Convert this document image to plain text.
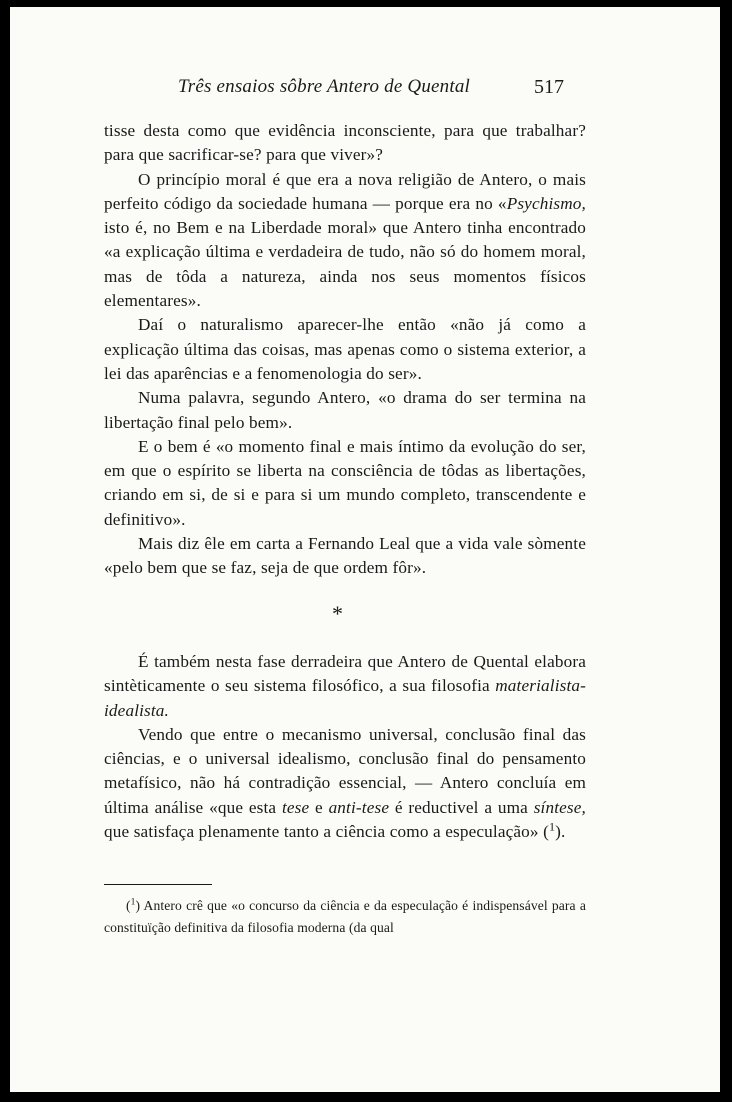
Três ensaios sôbre Antero de Quental	517

tisse desta como que evidência inconsciente, para que trabalhar? para que sacrificar-se? para que viver»?

O princípio moral é que era a nova religião de Antero, o mais perfeito código da sociedade humana — porque era no «Psychismo, isto é, no Bem e na Liberdade moral» que Antero tinha encontrado «a explicação última e verdadeira de tudo, não só do homem moral, mas de tôda a natureza, ainda nos seus momentos físicos elementares».

Daí o naturalismo aparecer-lhe então «não já como a explicação última das coisas, mas apenas como o sistema exterior, a lei das aparências e a fenomenologia do ser».

Numa palavra, segundo Antero, «o drama do ser termina na libertação final pelo bem».

E o bem é «o momento final e mais íntimo da evolução do ser, em que o espírito se liberta na consciência de tôdas as libertações, criando em si, de si e para si um mundo completo, transcendente e definitivo».

Mais diz êle em carta a Fernando Leal que a vida vale sòmente «pelo bem que se faz, seja de que ordem fôr».

*

É também nesta fase derradeira que Antero de Quental elabora sintèticamente o seu sistema filosófico, a sua filosofia materialista-idealista.

Vendo que entre o mecanismo universal, conclusão final das ciências, e o universal idealismo, conclusão final do pensamento metafísico, não há contradição essencial, — Antero concluía em última análise «que esta tese e anti-tese é reductivel a uma síntese, que satisfaça plenamente tanto a ciência como a especulação» ($^1$).

($^1$) Antero crê que «o concurso da ciência e da especulação é indispensável para a constituïção definitiva da filosofia moderna (da qual
